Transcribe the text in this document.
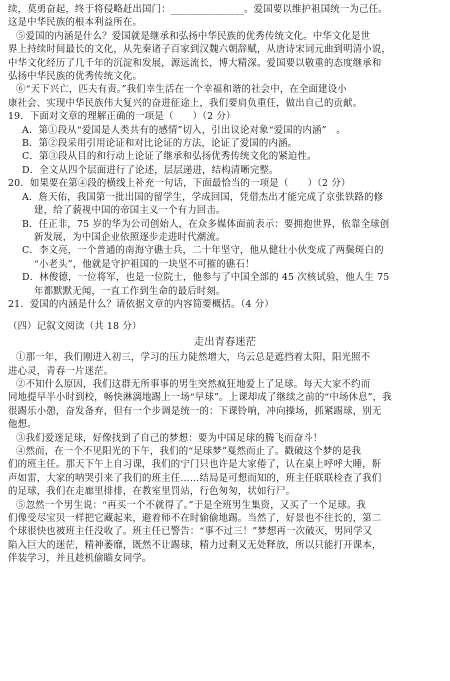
续，莫勇奋起，终于将侵略赶出国门：_______________。爱国要以维护祖国统一为己任。
这是中华民族的根本利益所在。
⑤爱国的内涵是什么？爱国就是继承和弘扬中华民族的优秀传统文化。中华文化是世
界上持续时间最长的文化，从先秦诸子百家到汉魏六朝辞赋，从唐诗宋词元曲到明清小说，
中华文化经历了几千年的沉淀和发展，源远流长，博大精深。爱国要以敬重的态度继承和
弘扬中华民族的优秀传统文化。
⑥“天下兴亡，匹夫有责。”我们幸生活在一个幸福和谐的社会中，在全面建设小
康社会、实现中华民族伟大复兴的奋进征途上，我们要肩负重任，做出自己的贡献。
19．下面对文章的理解正确的一项是（　　）（2 分）
A．第①段从“爱国是人类共有的感情”切入，引出议论对象“爱国的内涵”　。
B．第②段采用引用论证和对比论证的方法，论证了爱国的内涵。
C．第③段从目的和行动上论证了继承和弘扬优秀传统文化的紧迫性。
D．全文从四个层面进行了论述，层层递进，结构清晰完整。
20．如果要在第④段的横线上补充一句话，下面最恰当的一项是（　　）（2 分）
A．詹天佑，我国第一批出国的留学生，学成回国，凭借杰出才能完成了京张铁路的修
建，给了藐视中国的帝国主义一个有力回击。
B．任正非，75 岁的华为公司创始人，在众多媒体面前表示：要拥抱世界，依靠全球创
新发展，为中国企业依照逐步走进时代潮流。
C．李文亮，一个普通的南海守礁士兵，二十年坚守，他从健壮小伙变成了两鬓斑白的
“小老头”，他就是守护祖国的一块坚不可摧的礁石！
D．林俊德，一位将军，也是一位院士，他参与了中国全部的 45 次核试验，他人生 75
年都默默无闻，一直工作到生命的最后时刻。
21．爱国的内涵是什么？请依据文章的内容简要概括。（4 分）
（四）记叙文阅读（共 18 分）
走出青春迷茫
①那一年，我们刚进入初三，学习的压力陡然增大，乌云总是遮挡着太阳，阳光照不
进心灵，青春一片迷茫。
②不知什么原因，我们这群无所事事的男生突然疯狂地爱上了足球。每天大家不约而
同地提早半小时到校，畅快淋漓地踢上一场“早球”。上课却成了继续之前的“中场休息”，我
很踢乐小憩，奋发备弃，但有一个步调是统一的：下课铃响，冲向操场，抓紧踢球，别无
他想。
③我们爱迷足球，好像找到了自己的梦想：要为中国足球的腾飞而奋斗！
④然而，在一个不见阳光的下午，我们的“足球梦”戛然而止了。戳破这个梦的是我
们的班主任。那天下午上自习课，我们的宁门只也许是大家倦了，认在桌上呼呼大睡，鼾
声如雷，大家的呐哭引来了我们的班主任……结局是可想而知的，班主任联联检查了我们
的足球，我们在走廊里排排，在教室里罚站，行色匆匆，状如行尸。
⑤忽然一个男生说：“再买一个不就得了。”于是全班男生集资，又买了一个足球。我
们像受尽宝贝一样把它藏起来，避着师不在时偷偷地踢。当然了，好景也不往长的，第二
个球很快也被班主任没收了。班主任已警告：“事不过三！”梦想再一次破灭，男同学又
陷入巨大的迷茫，精神萎靡，既然不让踢球，精力过剩又无处释放，所以只能打开课本，
伴装学习，并且趁机偷瞄女同学。
